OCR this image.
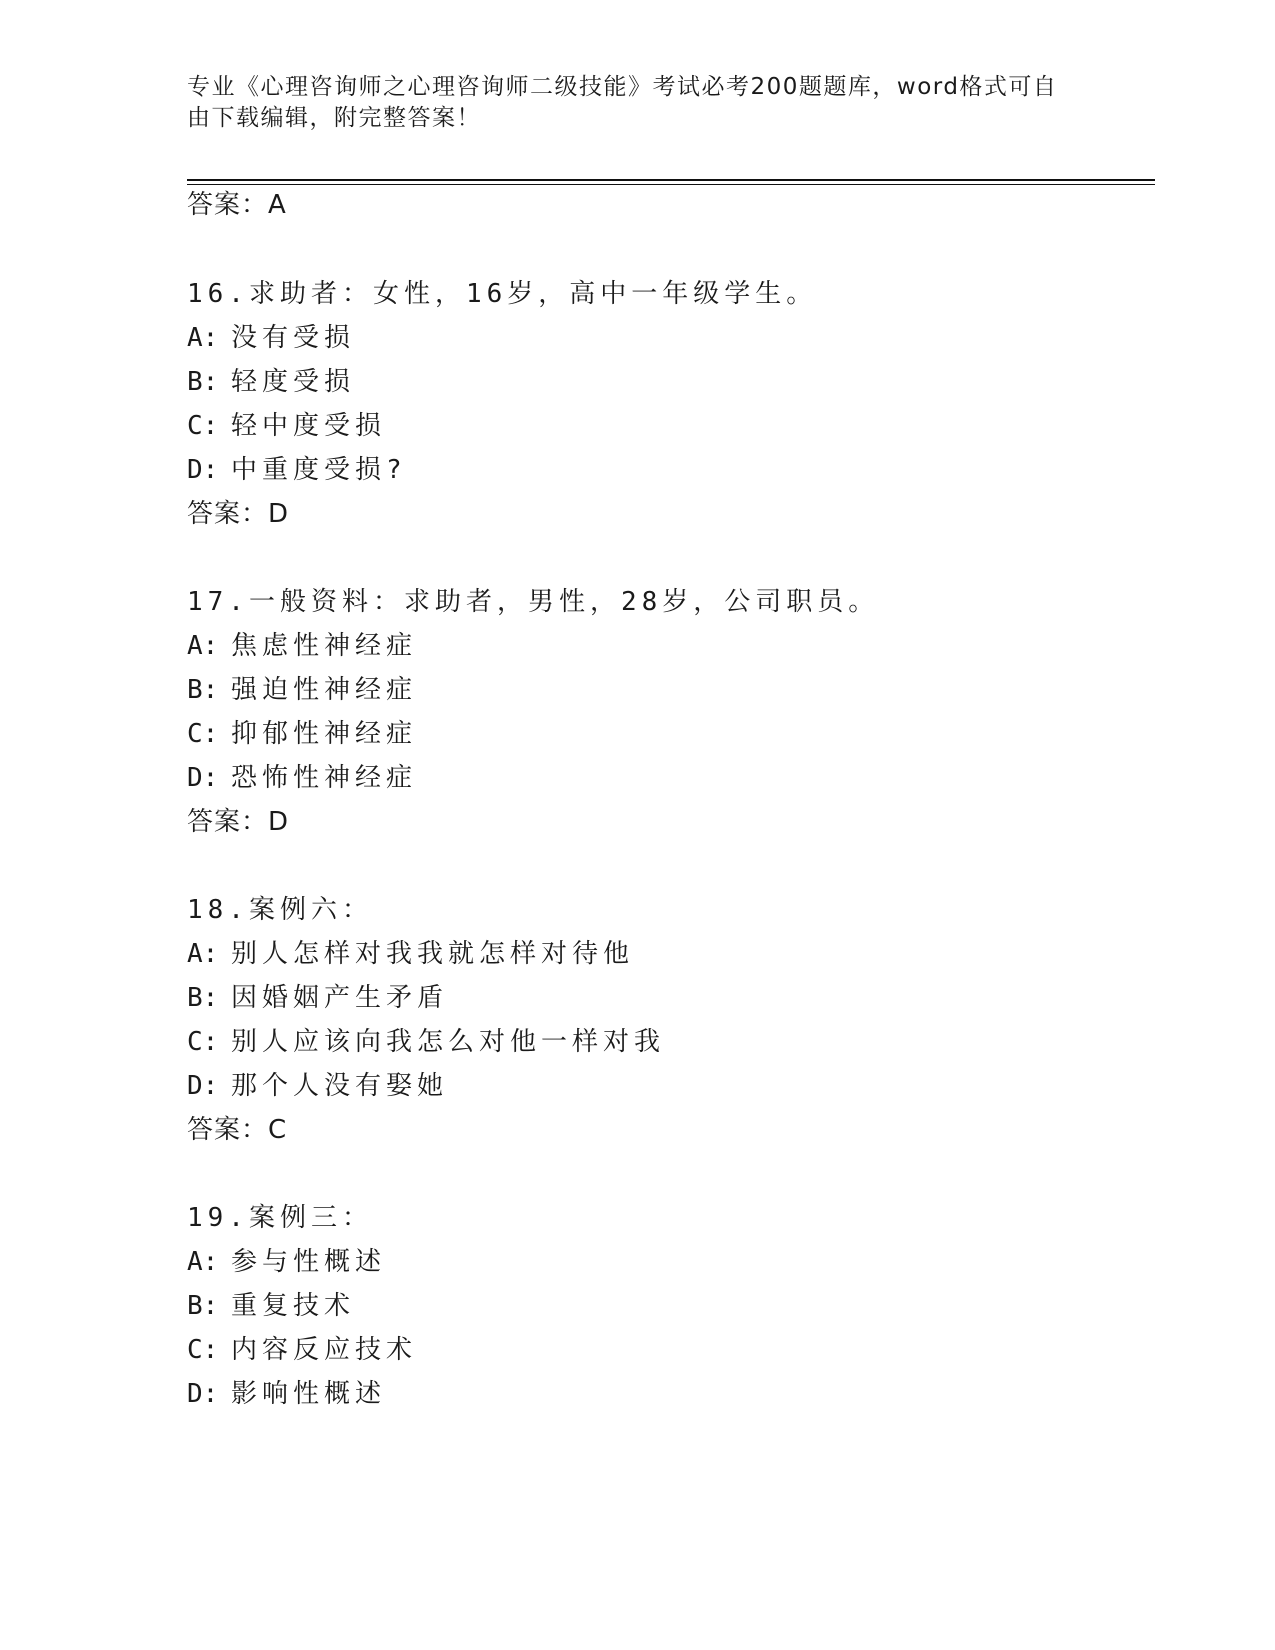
专业《心理咨询师之心理咨询师二级技能》考试必考200题题库，word格式可自由下载编辑，附完整答案！
答案：A
16.求助者：女性，16岁，高中一年级学生。
A: 没有受损
B: 轻度受损
C: 轻中度受损
D: 中重度受损?
答案：D
17.一般资料：求助者，男性，28岁，公司职员。
A: 焦虑性神经症
B: 强迫性神经症
C: 抑郁性神经症
D: 恐怖性神经症
答案：D
18.案例六：
A: 别人怎样对我我就怎样对待他
B: 因婚姻产生矛盾
C: 别人应该向我怎么对他一样对我
D: 那个人没有娶她
答案：C
19.案例三：
A: 参与性概述
B: 重复技术
C: 内容反应技术
D: 影响性概述
